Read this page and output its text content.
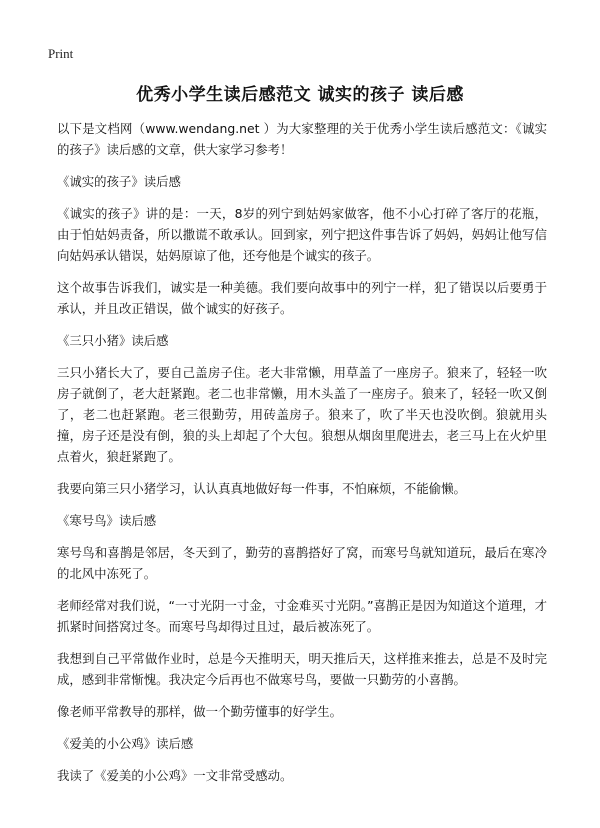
Print
优秀小学生读后感范文 诚实的孩子 读后感

以下是文档网（www.wendang.net ）为大家整理的关于优秀小学生读后感范文：《诚实的孩子》读后感的文章，供大家学习参考！

《诚实的孩子》读后感

《诚实的孩子》讲的是：一天，8岁的列宁到姑妈家做客，他不小心打碎了客厅的花瓶，由于怕姑妈责备，所以撒谎不敢承认。回到家，列宁把这件事告诉了妈妈，妈妈让他写信向姑妈承认错误，姑妈原谅了他，还夸他是个诚实的孩子。

这个故事告诉我们，诚实是一种美德。我们要向故事中的列宁一样，犯了错误以后要勇于承认，并且改正错误，做个诚实的好孩子。

《三只小猪》读后感

三只小猪长大了，要自己盖房子住。老大非常懒，用草盖了一座房子。狼来了，轻轻一吹房子就倒了，老大赶紧跑。老二也非常懒，用木头盖了一座房子。狼来了，轻轻一吹又倒了，老二也赶紧跑。老三很勤劳，用砖盖房子。狼来了，吹了半天也没吹倒。狼就用头撞，房子还是没有倒，狼的头上却起了个大包。狼想从烟囱里爬进去，老三马上在火炉里点着火，狼赶紧跑了。

我要向第三只小猪学习，认认真真地做好每一件事，不怕麻烦，不能偷懒。

《寒号鸟》读后感

寒号鸟和喜鹊是邻居，冬天到了，勤劳的喜鹊搭好了窝，而寒号鸟就知道玩，最后在寒冷的北风中冻死了。

老师经常对我们说，“一寸光阴一寸金，寸金难买寸光阴。”喜鹊正是因为知道这个道理，才抓紧时间搭窝过冬。而寒号鸟却得过且过，最后被冻死了。

我想到自己平常做作业时，总是今天推明天，明天推后天，这样推来推去，总是不及时完成，感到非常惭愧。我决定今后再也不做寒号鸟，要做一只勤劳的小喜鹊。

像老师平常教导的那样，做一个勤劳懂事的好学生。

《爱美的小公鸡》读后感

我读了《爱美的小公鸡》一文非常受感动。
